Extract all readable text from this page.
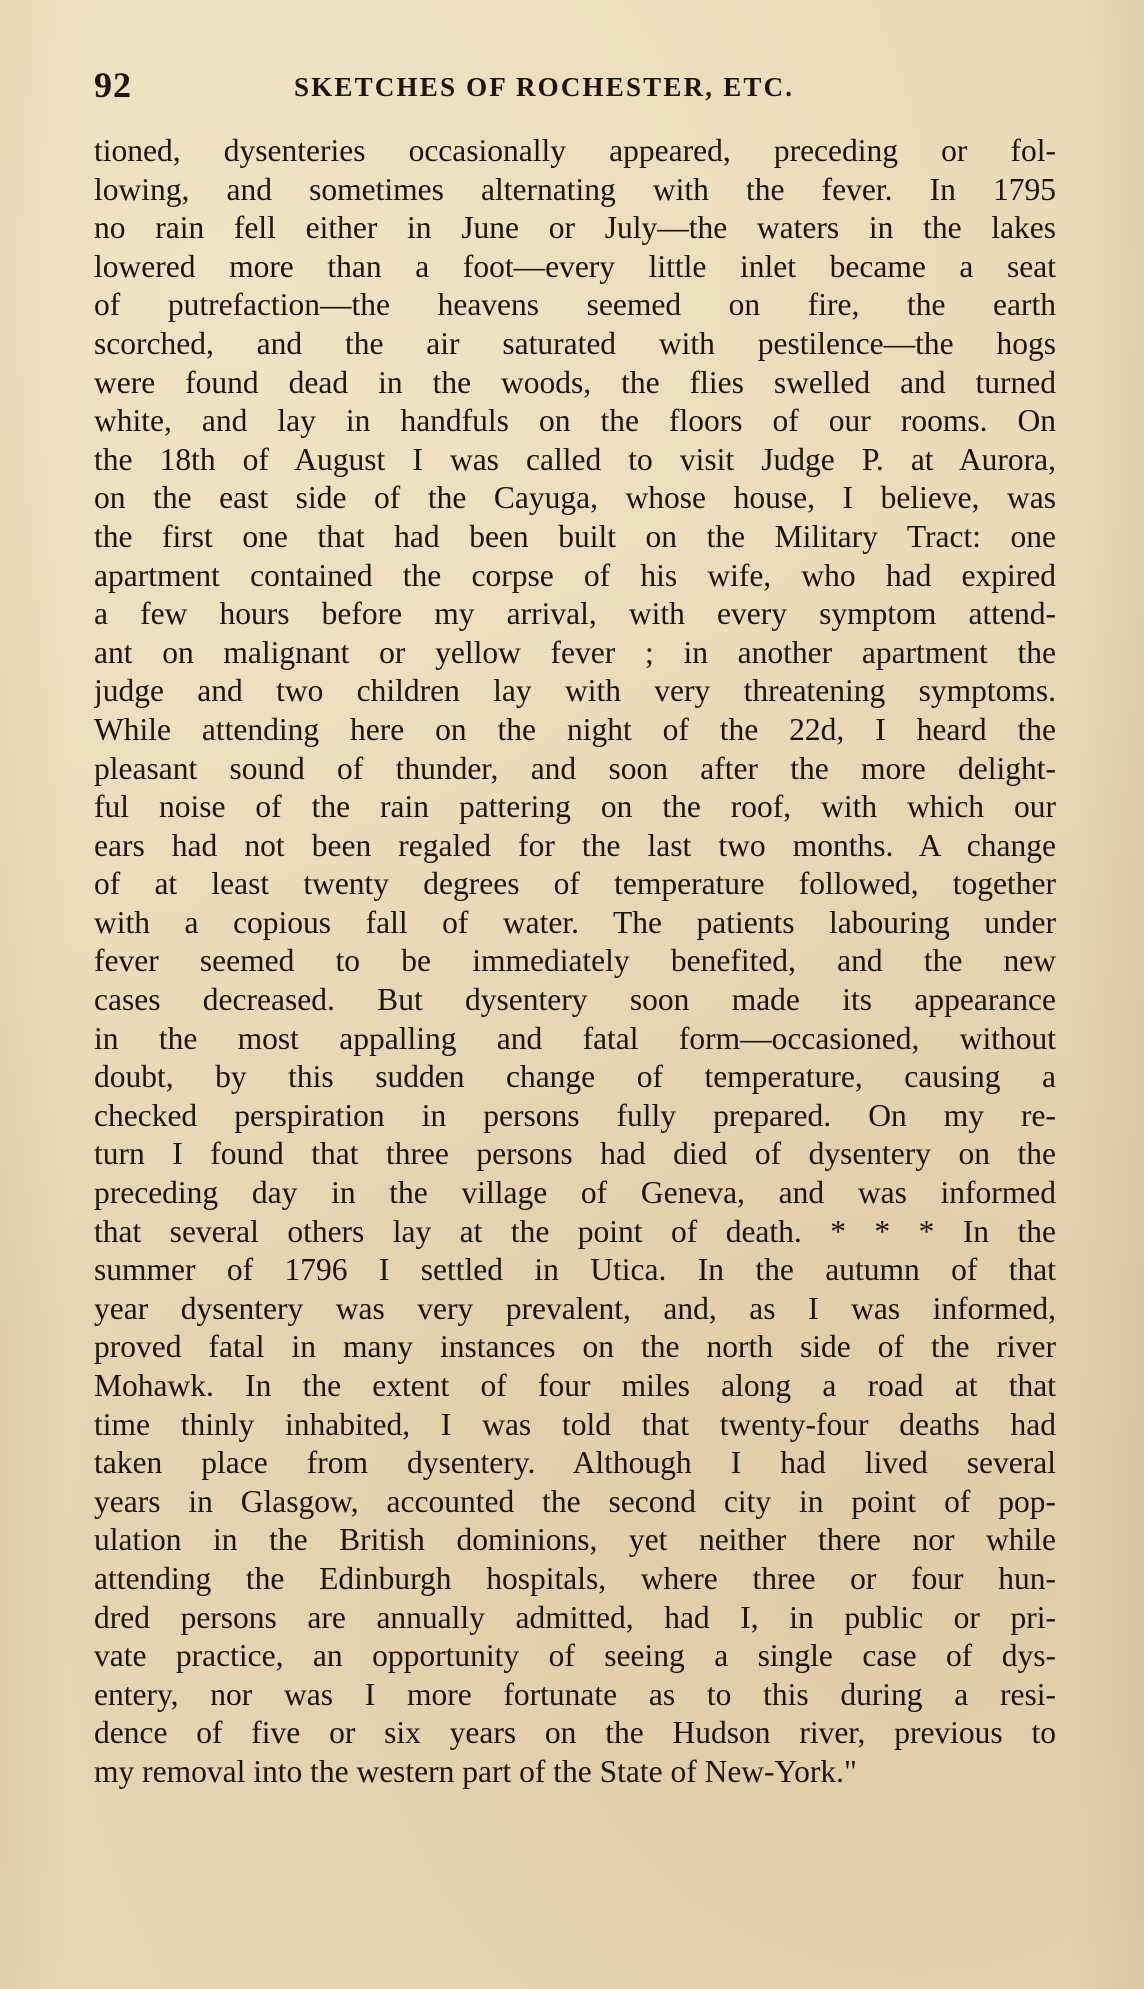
92	SKETCHES OF ROCHESTER, ETC.
tioned, dysenteries occasionally appeared, preceding or fol-
lowing, and sometimes alternating with the fever. In 1795
no rain fell either in June or July—the waters in the lakes
lowered more than a foot—every little inlet became a seat
of putrefaction—the heavens seemed on fire, the earth
scorched, and the air saturated with pestilence—the hogs
were found dead in the woods, the flies swelled and turned
white, and lay in handfuls on the floors of our rooms. On
the 18th of August I was called to visit Judge P. at Aurora,
on the east side of the Cayuga, whose house, I believe, was
the first one that had been built on the Military Tract: one
apartment contained the corpse of his wife, who had expired
a few hours before my arrival, with every symptom attend-
ant on malignant or yellow fever ; in another apartment the
judge and two children lay with very threatening symptoms.
While attending here on the night of the 22d, I heard the
pleasant sound of thunder, and soon after the more delight-
ful noise of the rain pattering on the roof, with which our
ears had not been regaled for the last two months. A change
of at least twenty degrees of temperature followed, together
with a copious fall of water. The patients labouring under
fever seemed to be immediately benefited, and the new
cases decreased. But dysentery soon made its appearance
in the most appalling and fatal form—occasioned, without
doubt, by this sudden change of temperature, causing a
checked perspiration in persons fully prepared. On my re-
turn I found that three persons had died of dysentery on the
preceding day in the village of Geneva, and was informed
that several others lay at the point of death. * * * In the
summer of 1796 I settled in Utica. In the autumn of that
year dysentery was very prevalent, and, as I was informed,
proved fatal in many instances on the north side of the river
Mohawk. In the extent of four miles along a road at that
time thinly inhabited, I was told that twenty-four deaths had
taken place from dysentery. Although I had lived several
years in Glasgow, accounted the second city in point of pop-
ulation in the British dominions, yet neither there nor while
attending the Edinburgh hospitals, where three or four hun-
dred persons are annually admitted, had I, in public or pri-
vate practice, an opportunity of seeing a single case of dys-
entery, nor was I more fortunate as to this during a resi-
dence of five or six years on the Hudson river, previous to
my removal into the western part of the State of New-York."
